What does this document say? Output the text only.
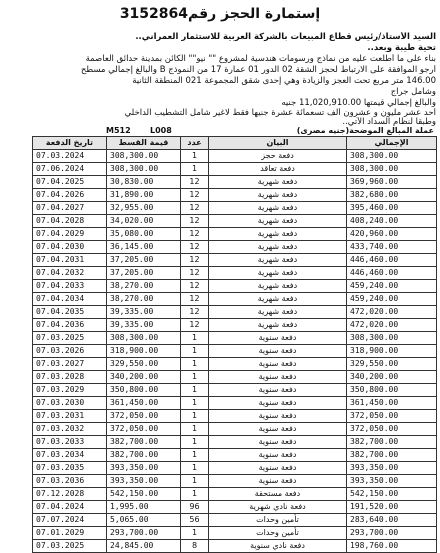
إستمارة الحجز رقم3152864
السيد الأستاذ/رئيس قطاع المبيعات بالشركة العربية للاستثمار العمراني..
تحية طيبة وبعد..
بناء على ما أطلعت عليه من نماذج ورسومات هندسية لمشروع "" نيو"" الكائن بمدينة حدائق العاصمة
أرجو الموافقة على الارتباط لحجز الشقة 02 الدور 01 عمارة 17 من النموذج B والبالغ إجمالي مسطح
146.00 متر مربع تحت العجز والزيادة وهي إحدى شقق المجموعة 021 المنطقة الثانية
وشامل جراج
والبالغ إجمالي قيمتها 11,020,910.00 جنيه
أحد عشر مليون و عشرون ألف تسعمائة عشرة جنيها فقط لاغير شامل التشطيب الداخلي
وطبقا لنظام السداد الآتي..
M512 L008	عملة المبالغ الموضحة(جنيه مصرى)
تاريخ الدفعة	قيمة القسط	عدد	البيان	الإجمالي
07.03.2024	308,300.00	1	دفعة حجز	308,300.00
07.06.2024	308,300.00	1	دفعة تعاقد	308,300.00
07.04.2025	30,830.00	12	دفعة شهرية	369,960.00
07.04.2026	31,890.00	12	دفعة شهرية	382,680.00
07.04.2027	32,955.00	12	دفعة شهرية	395,460.00
07.04.2028	34,020.00	12	دفعة شهرية	408,240.00
07.04.2029	35,080.00	12	دفعة شهرية	420,960.00
07.04.2030	36,145.00	12	دفعة شهرية	433,740.00
07.04.2031	37,205.00	12	دفعة شهرية	446,460.00
07.04.2032	37,205.00	12	دفعة شهرية	446,460.00
07.04.2033	38,270.00	12	دفعة شهرية	459,240.00
07.04.2034	38,270.00	12	دفعة شهرية	459,240.00
07.04.2035	39,335.00	12	دفعة شهرية	472,020.00
07.04.2036	39,335.00	12	دفعة شهرية	472,020.00
07.03.2025	308,300.00	1	دفعة سنوية	308,300.00
07.03.2026	318,900.00	1	دفعة سنوية	318,900.00
07.03.2027	329,550.00	1	دفعة سنوية	329,550.00
07.03.2028	340,200.00	1	دفعة سنوية	340,200.00
07.03.2029	350,800.00	1	دفعة سنوية	350,800.00
07.03.2030	361,450.00	1	دفعة سنوية	361,450.00
07.03.2031	372,050.00	1	دفعة سنوية	372,050.00
07.03.2032	372,050.00	1	دفعة سنوية	372,050.00
07.03.2033	382,700.00	1	دفعة سنوية	382,700.00
07.03.2034	382,700.00	1	دفعة سنوية	382,700.00
07.03.2035	393,350.00	1	دفعة سنوية	393,350.00
07.03.2036	393,350.00	1	دفعة سنوية	393,350.00
07.12.2028	542,150.00	1	دفعة مستحقة	542,150.00
07.04.2024	1,995.00	96	دفعة نادي شهرية	191,520.00
07.07.2024	5,065.00	56	تأمين وحدات	283,640.00
07.01.2029	293,700.00	1	تأمين وحدات	293,700.00
07.03.2025	24,845.00	8	دفعة نادي سنوية	198,760.00
